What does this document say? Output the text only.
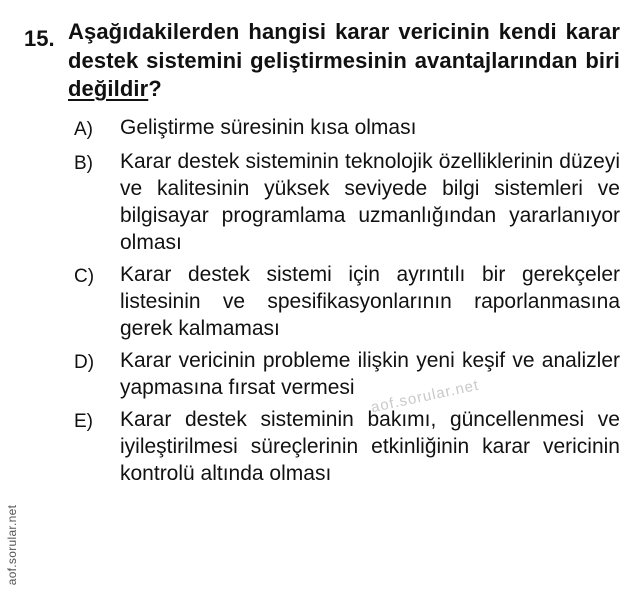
15. Aşağıdakilerden hangisi karar vericinin kendi karar destek sistemini geliştirmesinin avantajlarından biri değildir?
A)	Geliştirme süresinin kısa olması
B)	Karar destek sisteminin teknolojik özelliklerinin düzeyi ve kalitesinin yüksek seviyede bilgi sistemleri ve bilgisayar programlama uzmanlığından yararlanıyor olması
C)	Karar destek sistemi için ayrıntılı bir gerekçeler listesinin ve spesifikasyonlarının raporlanmasına gerek kalmaması
D)	Karar vericinin probleme ilişkin yeni keşif ve analizler yapmasına fırsat vermesi
E)	Karar destek sisteminin bakımı, güncellenmesi ve iyileştirilmesi süreçlerinin etkinliğinin karar vericinin kontrolü altında olması
aof.sorular.net
aof.sorular.net
